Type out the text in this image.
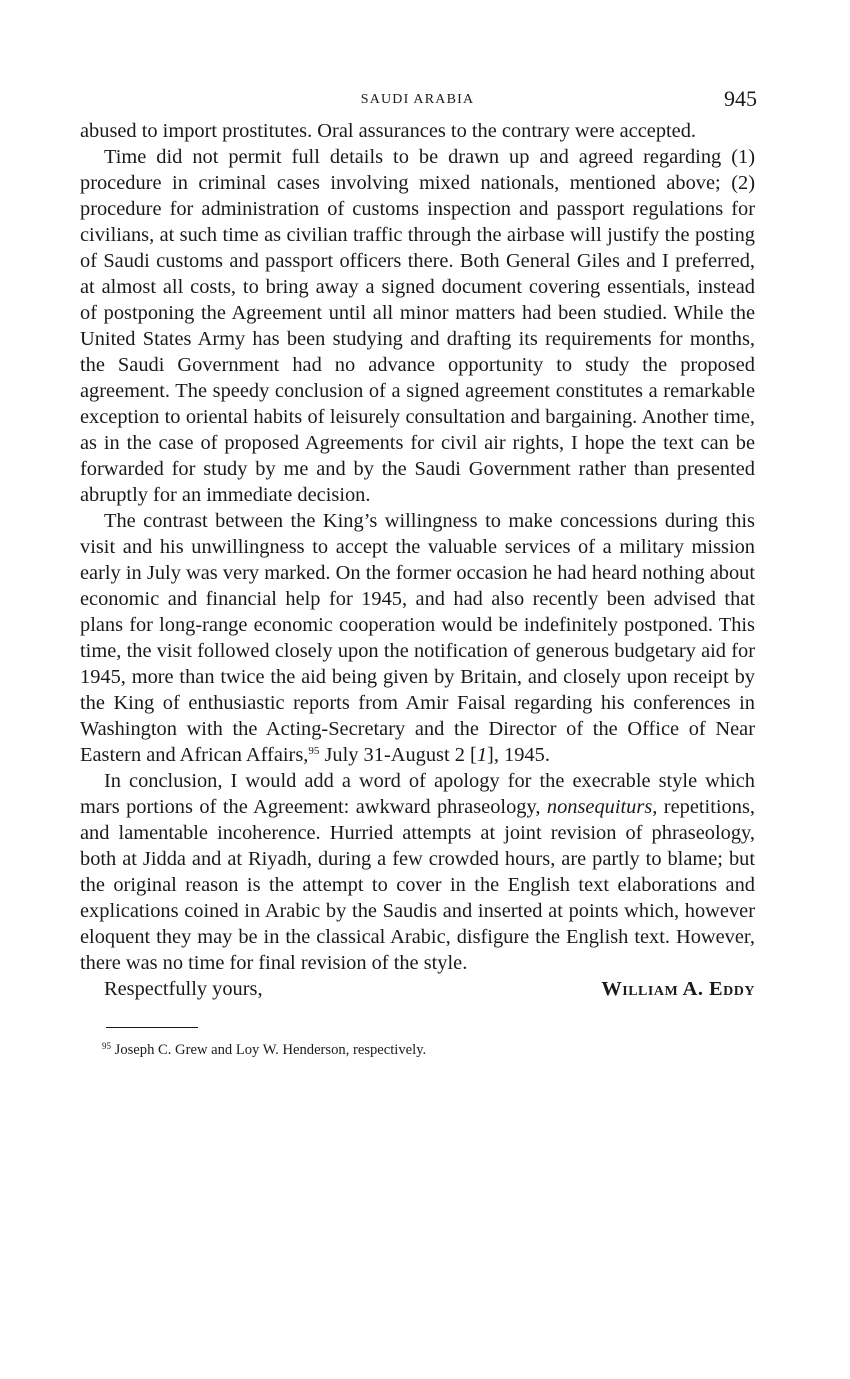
SAUDI ARABIA	945

abused to import prostitutes. Oral assurances to the contrary were accepted.

Time did not permit full details to be drawn up and agreed regarding (1) procedure in criminal cases involving mixed nationals, mentioned above; (2) procedure for administration of customs inspection and passport regulations for civilians, at such time as civilian traffic through the airbase will justify the posting of Saudi customs and passport officers there. Both General Giles and I preferred, at almost all costs, to bring away a signed document covering essentials, instead of postponing the Agreement until all minor matters had been studied. While the United States Army has been studying and drafting its requirements for months, the Saudi Government had no advance opportunity to study the proposed agreement. The speedy conclusion of a signed agreement constitutes a remarkable exception to oriental habits of leisurely consultation and bargaining. Another time, as in the case of proposed Agreements for civil air rights, I hope the text can be forwarded for study by me and by the Saudi Government rather than presented abruptly for an immediate decision.

The contrast between the King’s willingness to make concessions during this visit and his unwillingness to accept the valuable services of a military mission early in July was very marked. On the former occasion he had heard nothing about economic and financial help for 1945, and had also recently been advised that plans for long-range economic cooperation would be indefinitely postponed. This time, the visit followed closely upon the notification of generous budgetary aid for 1945, more than twice the aid being given by Britain, and closely upon receipt by the King of enthusiastic reports from Amir Faisal regarding his conferences in Washington with the Acting-Secretary and the Director of the Office of Near Eastern and African Affairs,$^{95}$ July 31-August 2 [1], 1945.

In conclusion, I would add a word of apology for the execrable style which mars portions of the Agreement: awkward phraseology, nonsequiturs, repetitions, and lamentable incoherence. Hurried attempts at joint revision of phraseology, both at Jidda and at Riyadh, during a few crowded hours, are partly to blame; but the original reason is the attempt to cover in the English text elaborations and explications coined in Arabic by the Saudis and inserted at points which, however eloquent they may be in the classical Arabic, disfigure the English text. However, there was no time for final revision of the style.

Respectfully yours,	William A. Eddy
$^{95}$ Joseph C. Grew and Loy W. Henderson, respectively.
